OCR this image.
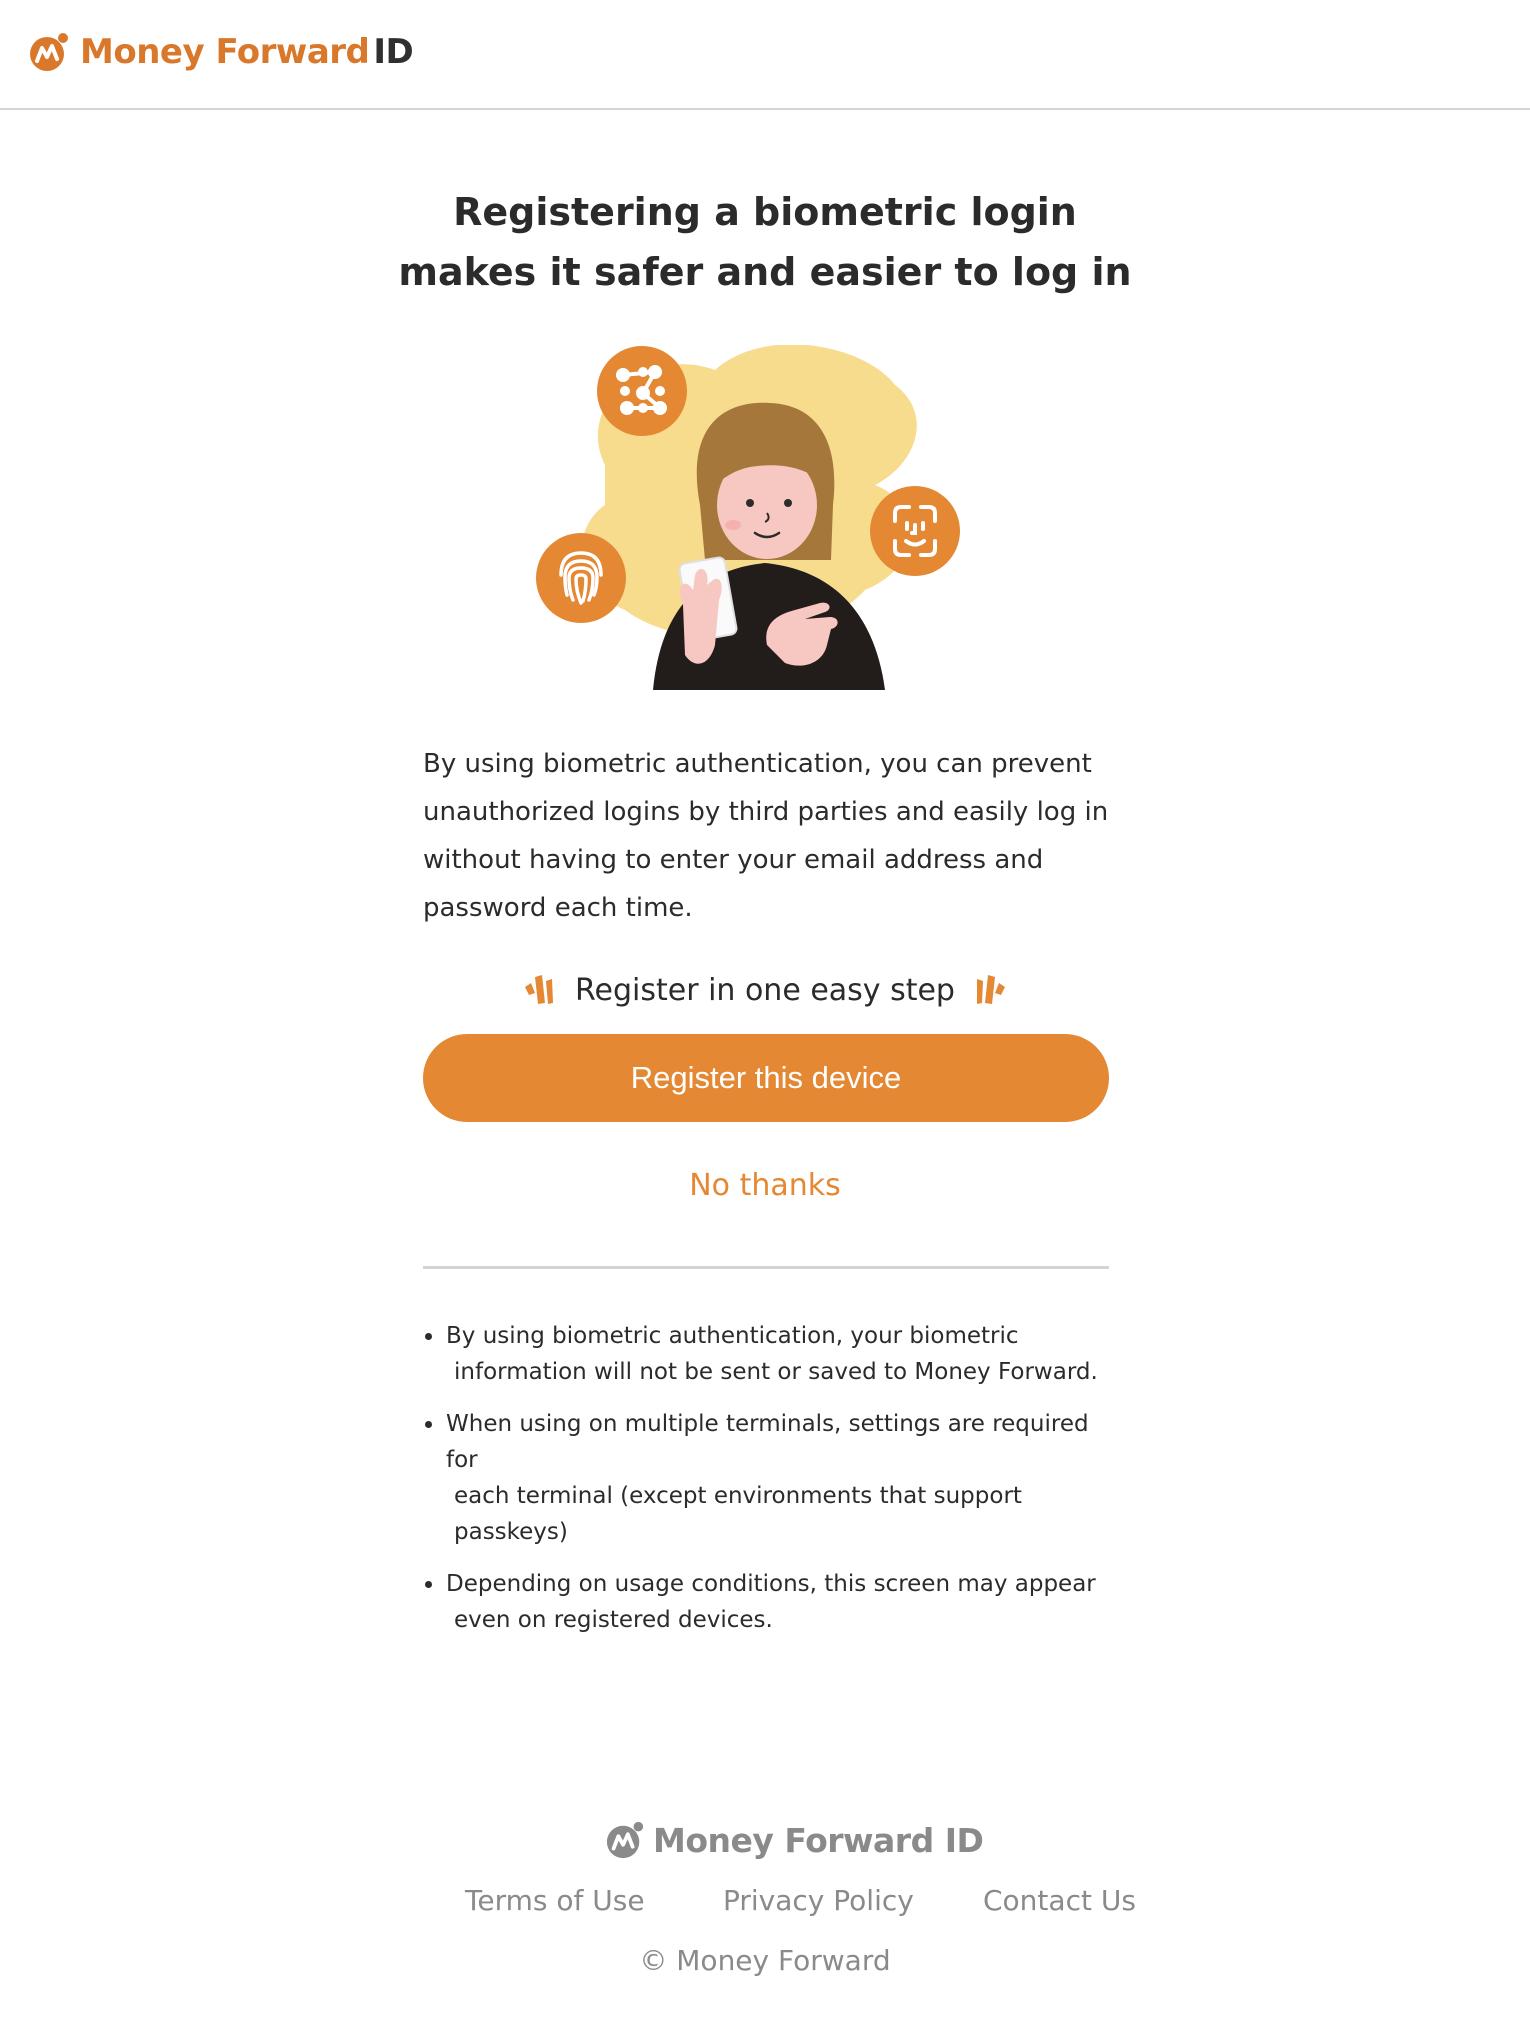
Money Forward ID
Registering a biometric login
makes it safer and easier to log in

By using biometric authentication, you can prevent unauthorized logins by third parties and easily log in without having to enter your email address and password each time.

Register in one easy step
Register this device
No thanks
By using biometric authentication, your biometric
information will not be sent or saved to Money Forward.
When using on multiple terminals, settings are required for
each terminal (except environments that support passkeys)
Depending on usage conditions, this screen may appear
even on registered devices.
Money Forward ID
Terms of Use	Privacy Policy Contact Us
© Money Forward
